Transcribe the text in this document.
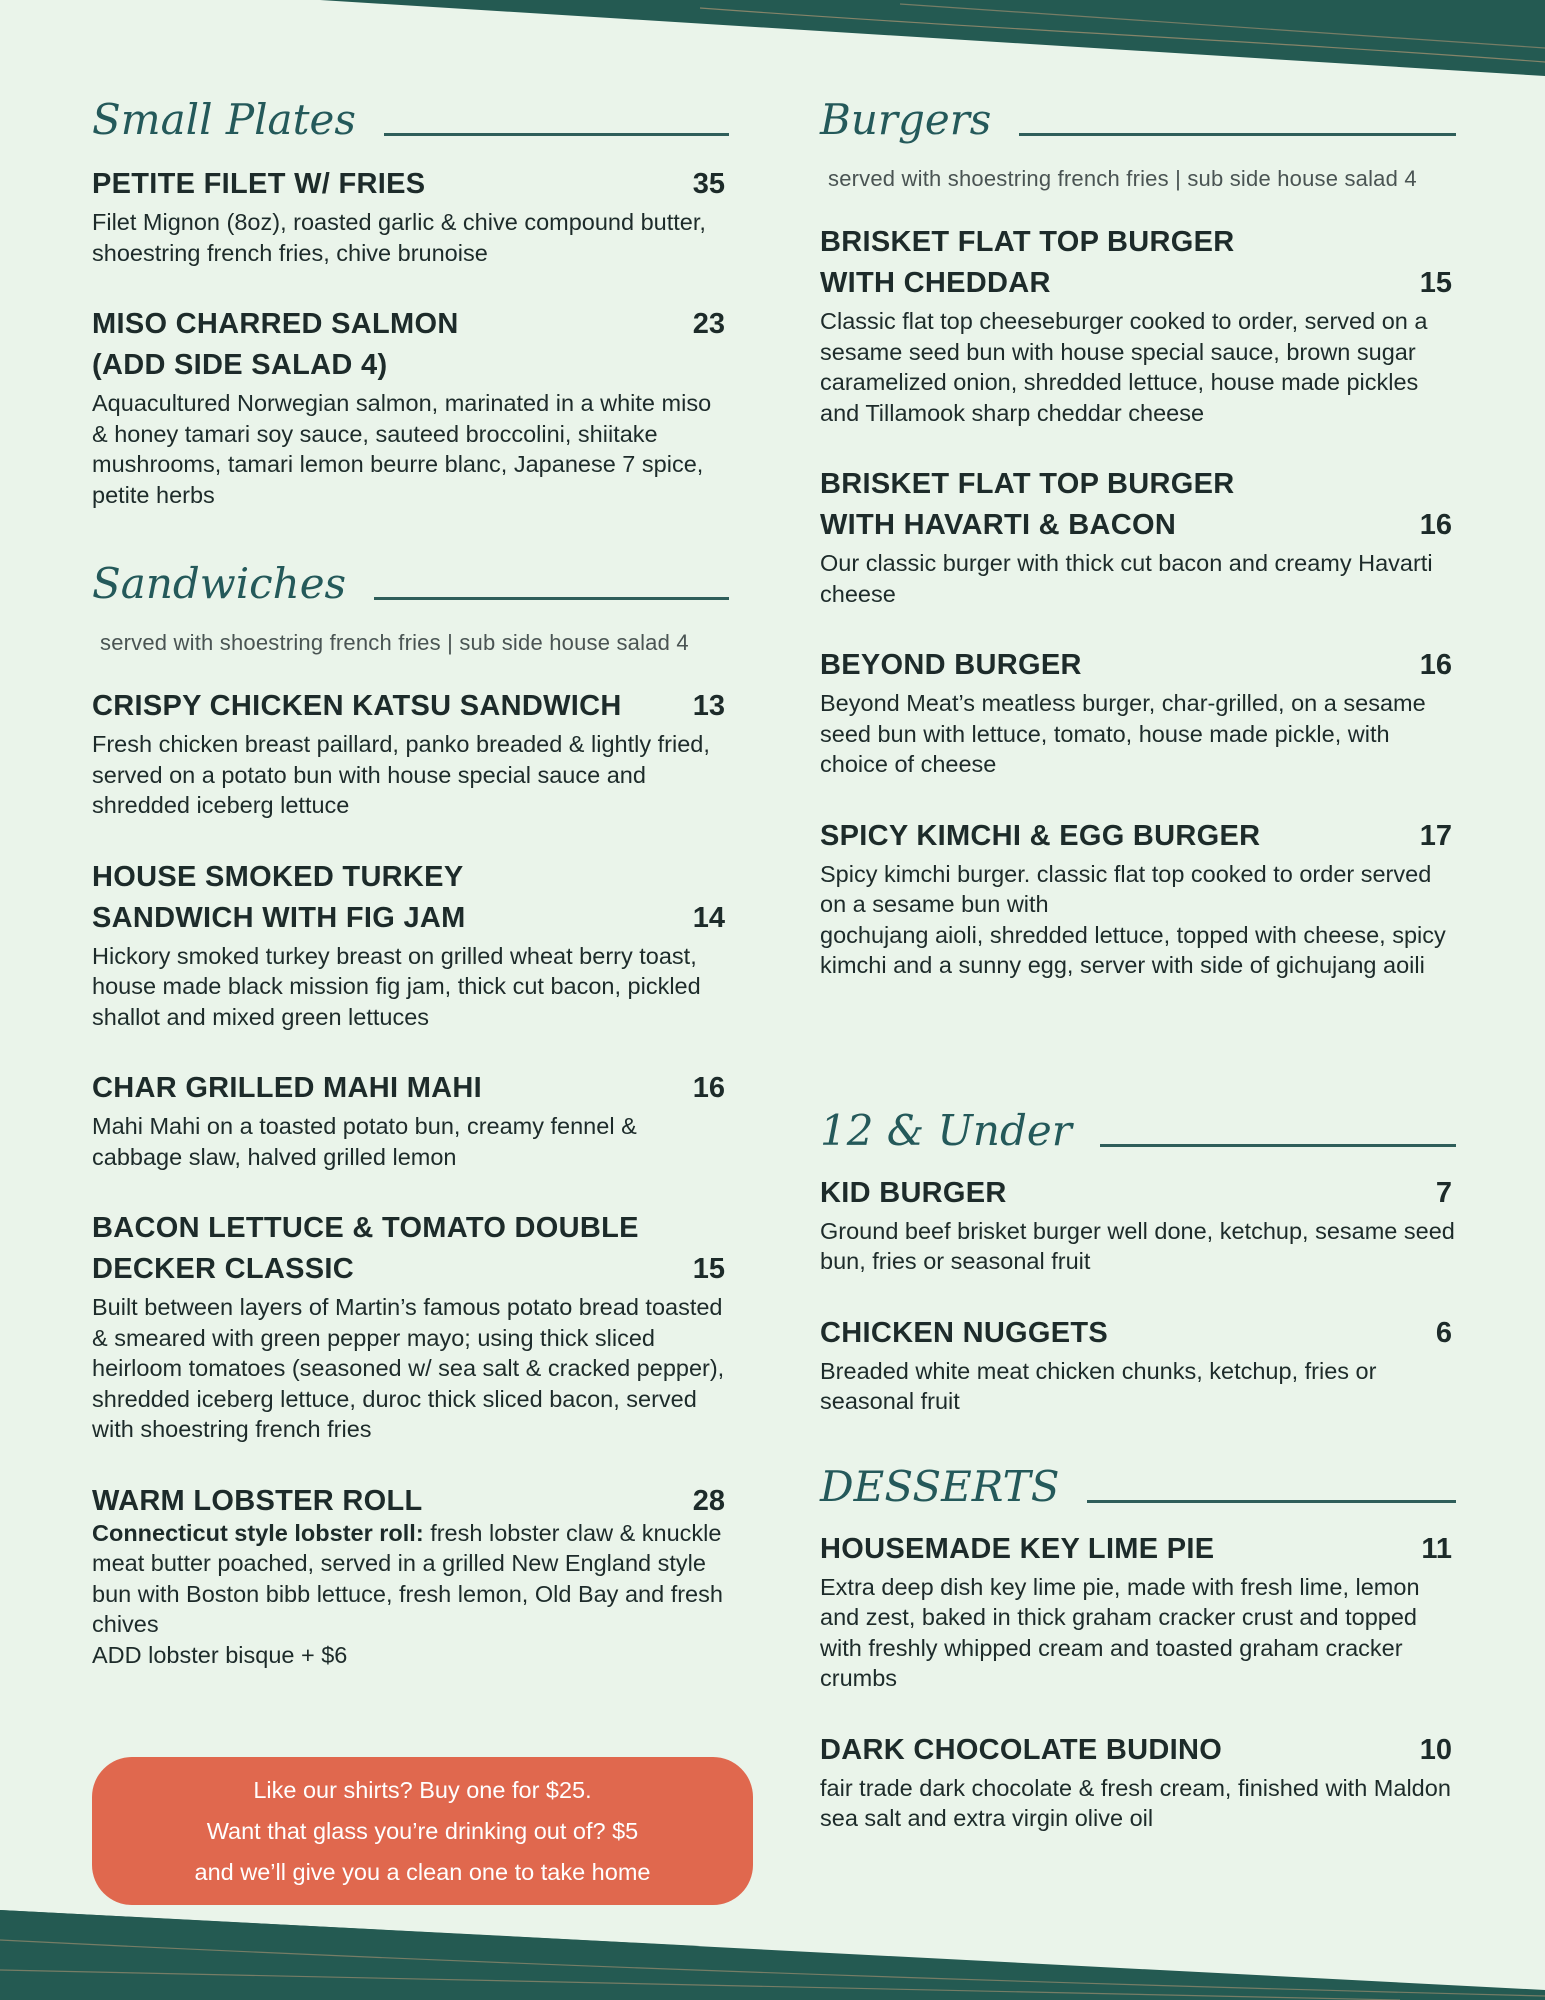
Small Plates
PETITE FILET W/ FRIES	35
Filet Mignon (8oz), roasted garlic & chive compound butter, shoestring french fries, chive brunoise
MISO CHARRED SALMON	23
(ADD SIDE SALAD 4)
Aquacultured Norwegian salmon, marinated in a white miso & honey tamari soy sauce, sauteed broccolini, shiitake mushrooms, tamari lemon beurre blanc, Japanese 7 spice, petite herbs
Sandwiches
served with shoestring french fries | sub side house salad 4
CRISPY CHICKEN KATSU SANDWICH	13
Fresh chicken breast paillard, panko breaded & lightly fried, served on a potato bun with house special sauce and shredded iceberg lettuce
HOUSE SMOKED TURKEY
SANDWICH WITH FIG JAM	14
Hickory smoked turkey breast on grilled wheat berry toast, house made black mission fig jam, thick cut bacon, pickled shallot and mixed green lettuces
CHAR GRILLED MAHI MAHI	16
Mahi Mahi on a toasted potato bun, creamy fennel & cabbage slaw, halved grilled lemon
BACON LETTUCE & TOMATO DOUBLE
DECKER CLASSIC	15
Built between layers of Martin’s famous potato bread toasted & smeared with green pepper mayo; using thick sliced heirloom tomatoes (seasoned w/ sea salt & cracked pepper), shredded iceberg lettuce, duroc thick sliced bacon, served with shoestring french fries
WARM LOBSTER ROLL	28
Connecticut style lobster roll: fresh lobster claw & knuckle meat butter poached, served in a grilled New England style bun with Boston bibb lettuce, fresh lemon, Old Bay and fresh chives
ADD lobster bisque + $6
Like our shirts? Buy one for $25.
Want that glass you’re drinking out of? $5
and we’ll give you a clean one to take home
Burgers
served with shoestring french fries | sub side house salad 4
BRISKET FLAT TOP BURGER
WITH CHEDDAR	15
Classic flat top cheeseburger cooked to order, served on a sesame seed bun with house special sauce, brown sugar caramelized onion, shredded lettuce, house made pickles and Tillamook sharp cheddar cheese
BRISKET FLAT TOP BURGER
WITH HAVARTI & BACON	16
Our classic burger with thick cut bacon and creamy Havarti cheese
BEYOND BURGER	16
Beyond Meat’s meatless burger, char-grilled, on a sesame seed bun with lettuce, tomato, house made pickle, with choice of cheese
SPICY KIMCHI & EGG BURGER	17
Spicy kimchi burger. classic flat top cooked to order served on a sesame bun with
gochujang aioli, shredded lettuce, topped with cheese, spicy kimchi and a sunny egg, server with side of gichujang aoili
12 & Under
KID BURGER	7
Ground beef brisket burger well done, ketchup, sesame seed bun, fries or seasonal fruit
CHICKEN NUGGETS	6
Breaded white meat chicken chunks, ketchup, fries or seasonal fruit
DESSERTS
HOUSEMADE KEY LIME PIE	11
Extra deep dish key lime pie, made with fresh lime, lemon and zest, baked in thick graham cracker crust and topped with freshly whipped cream and toasted graham cracker crumbs
DARK CHOCOLATE BUDINO	10
fair trade dark chocolate & fresh cream, finished with Maldon sea salt and extra virgin olive oil
